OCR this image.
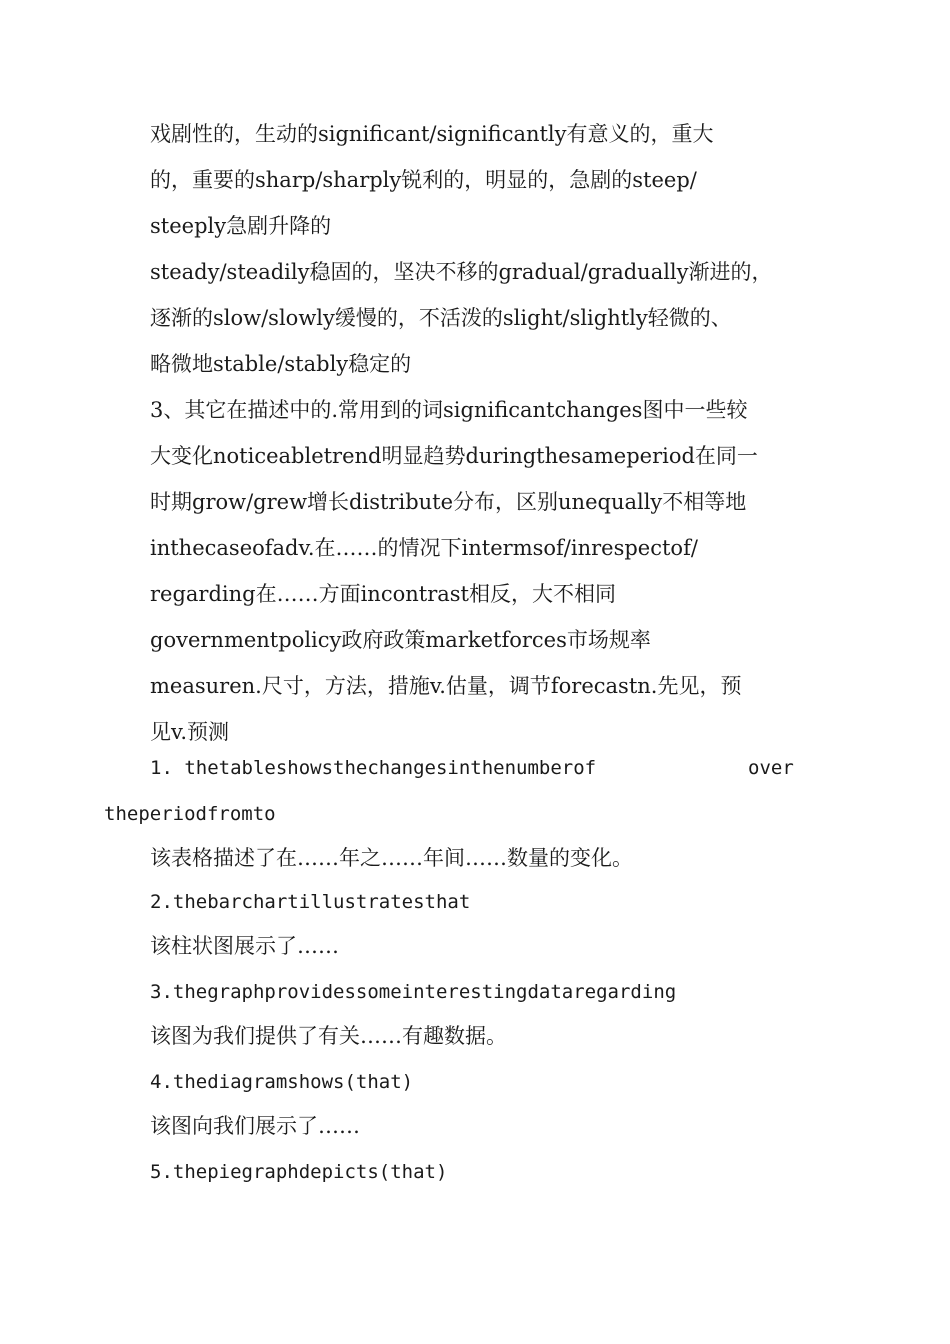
戏剧性的，生动的significant/significantly有意义的，重大
的，重要的sharp/sharply锐利的，明显的，急剧的steep/
steeply急剧升降的
steady/steadily稳固的，坚决不移的gradual/gradually渐进的，
逐渐的slow/slowly缓慢的，不活泼的slight/slightly轻微的、
略微地stable/stably稳定的
3、其它在描述中的.常用到的词significantchanges图中一些较
大变化noticeabletrend明显趋势duringthesameperiod在同一
时期grow/grew增长distribute分布，区别unequally不相等地
inthecaseofadv.在……的情况下intermsof/inrespectof/
regarding在……方面incontrast相反，大不相同
governmentpolicy政府政策marketforces市场规率
measuren.尺寸，方法，措施v.估量，调节forecastn.先见，预
见v.预测
1. thetableshowsthechangesinthenumberof	over
theperiodfromto
该表格描述了在……年之……年间……数量的变化。
2.thebarchartillustratesthat
该柱状图展示了……
3.thegraphprovidessomeinterestingdataregarding
该图为我们提供了有关……有趣数据。
4.thediagramshows(that)
该图向我们展示了……
5.thepiegraphdepicts(that)
